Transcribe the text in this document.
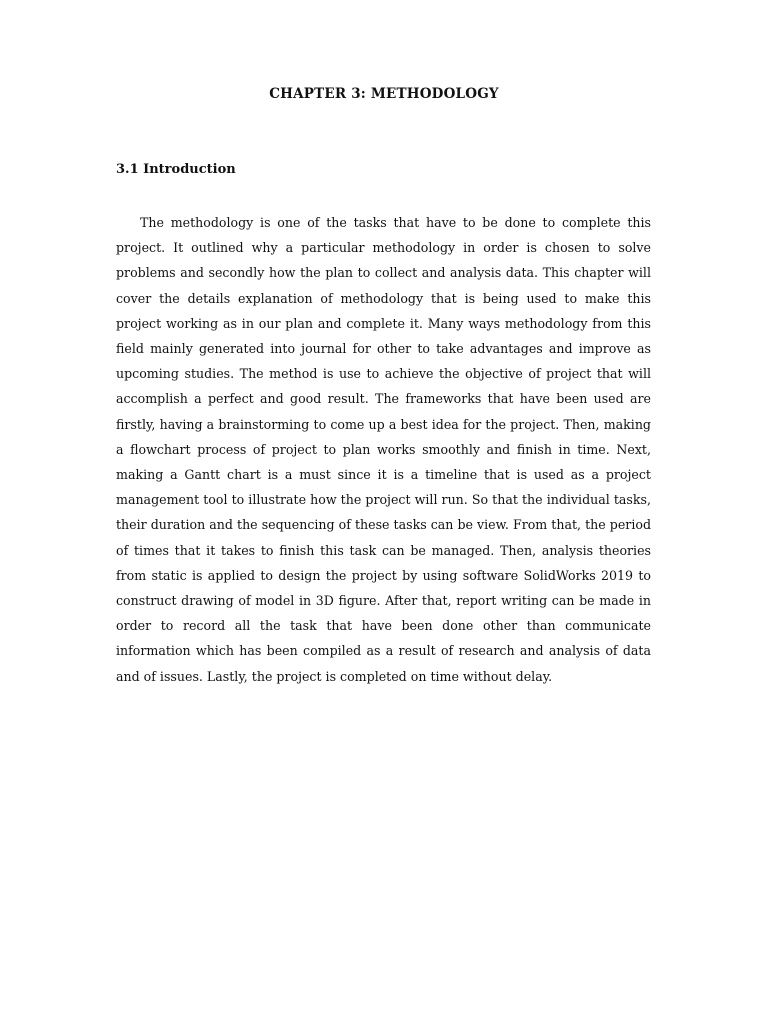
CHAPTER 3: METHODOLOGY
3.1 Introduction

The methodology is one of the tasks that have to be done to complete this project. It outlined why a particular methodology in order is chosen to solve problems and secondly how the plan to collect and analysis data. This chapter will cover the details explanation of methodology that is being used to make this project working as in our plan and complete it. Many ways methodology from this field mainly generated into journal for other to take advantages and improve as upcoming studies. The method is use to achieve the objective of project that will accomplish a perfect and good result. The frameworks that have been used are firstly, having a brainstorming to come up a best idea for the project. Then, making a flowchart process of project to plan works smoothly and finish in time. Next, making a Gantt chart is a must since it is a timeline that is used as a project management tool to illustrate how the project will run. So that the individual tasks, their duration and the sequencing of these tasks can be view. From that, the period of times that it takes to finish this task can be managed. Then, analysis theories from static is applied to design the project by using software SolidWorks 2019 to construct drawing of model in 3D figure. After that, report writing can be made in order to record all the task that have been done other than communicate information which has been compiled as a result of research and analysis of data and of issues. Lastly, the project is completed on time without delay.
